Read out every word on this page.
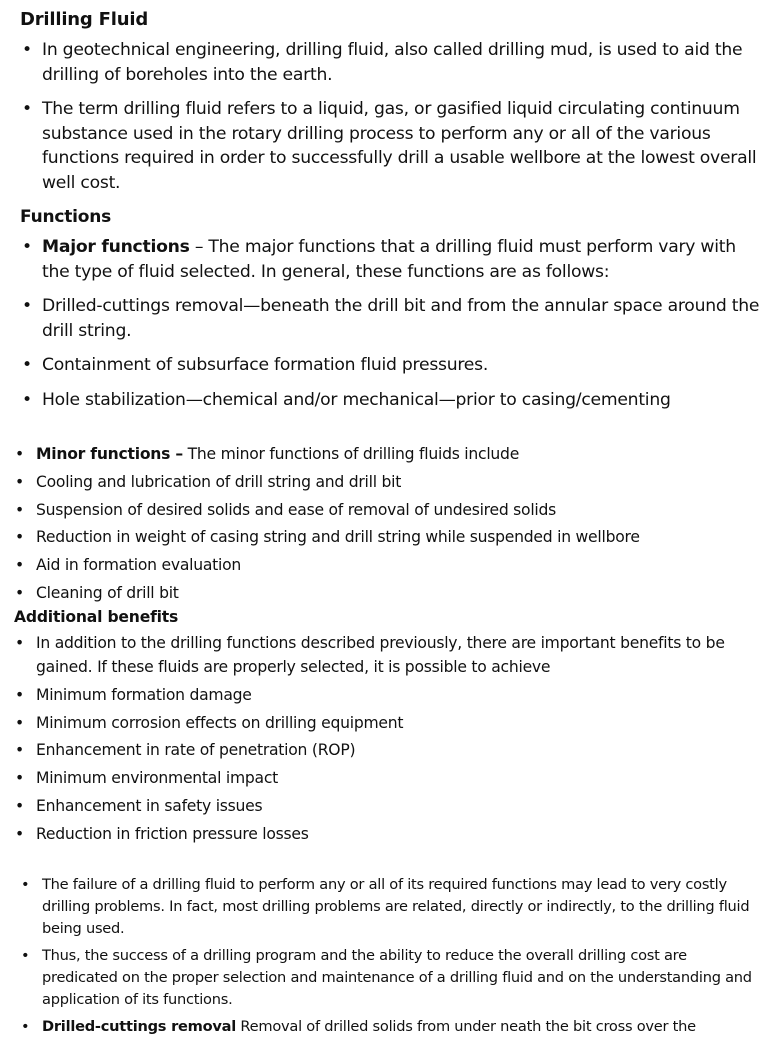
Drilling Fluid
• In geotechnical engineering, drilling fluid, also called drilling mud, is used to aid the drilling of boreholes into the earth.
• The term drilling fluid refers to a liquid, gas, or gasified liquid circulating continuum substance used in the rotary drilling process to perform any or all of the various functions required in order to successfully drill a usable wellbore at the lowest overall well cost.
Functions
• Major functions – The major functions that a drilling fluid must perform vary with the type of fluid selected. In general, these functions are as follows:
• Drilled-cuttings removal—beneath the drill bit and from the annular space around the drill string.
• Containment of subsurface formation fluid pressures.
• Hole stabilization—chemical and/or mechanical—prior to casing/cementing
• Minor functions – The minor functions of drilling fluids include
• Cooling and lubrication of drill string and drill bit
• Suspension of desired solids and ease of removal of undesired solids
• Reduction in weight of casing string and drill string while suspended in wellbore
• Aid in formation evaluation
• Cleaning of drill bit
Additional benefits
• In addition to the drilling functions described previously, there are important benefits to be gained. If these fluids are properly selected, it is possible to achieve
• Minimum formation damage
• Minimum corrosion effects on drilling equipment
• Enhancement in rate of penetration (ROP)
• Minimum environmental impact
• Enhancement in safety issues
• Reduction in friction pressure losses
• The failure of a drilling fluid to perform any or all of its required functions may lead to very costly drilling problems. In fact, most drilling problems are related, directly or indirectly, to the drilling fluid being used.
• Thus, the success of a drilling program and the ability to reduce the overall drilling cost are predicated on the proper selection and maintenance of a drilling fluid and on the understanding and application of its functions.
• Drilled-cuttings removal Removal of drilled solids from under neath the bit cross over the
